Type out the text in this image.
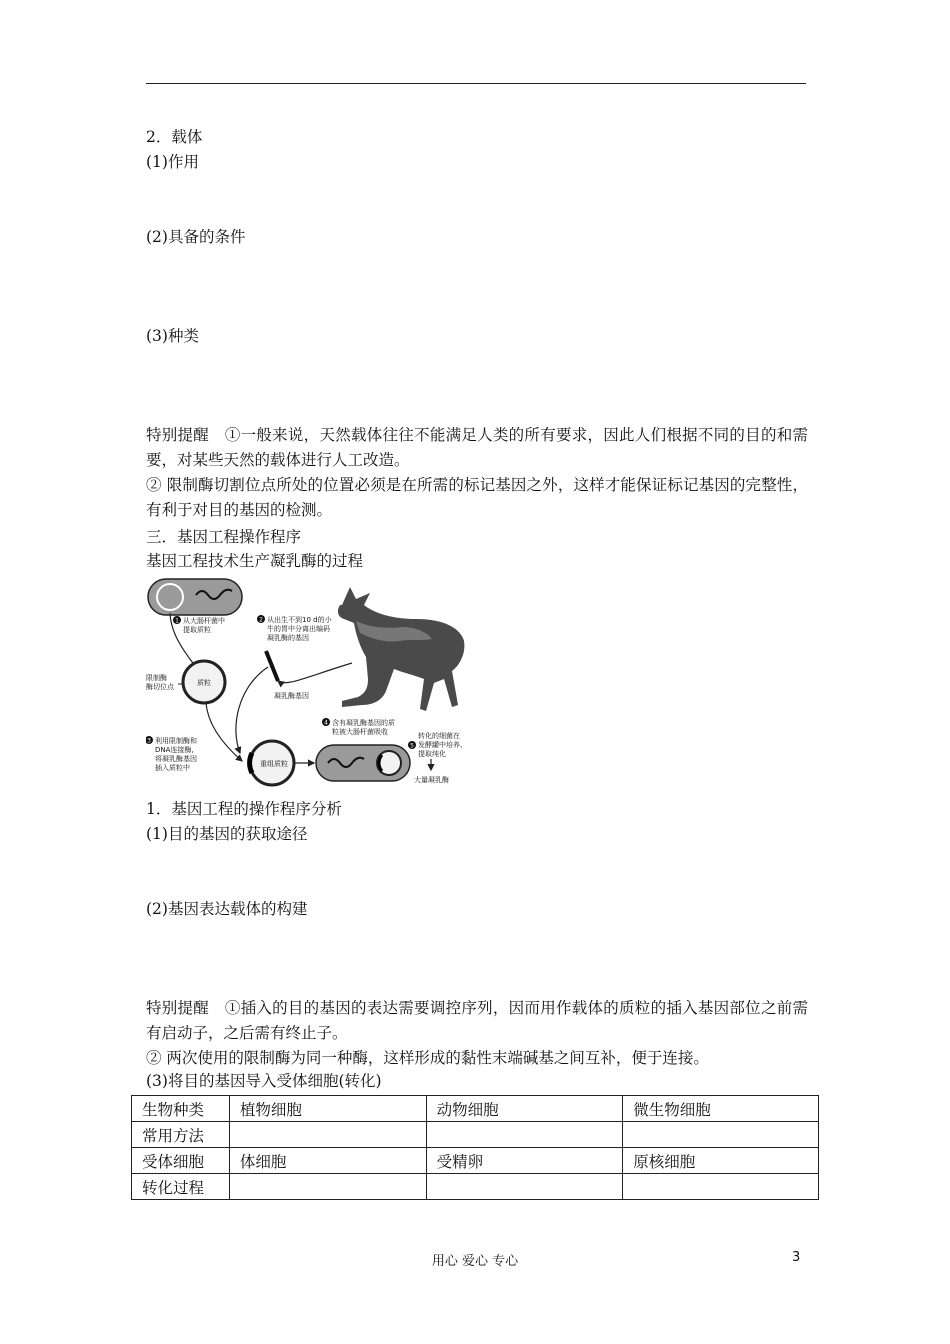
2．载体
(1)作用
(2)具备的条件
(3)种类

特别提醒　①一般来说，天然载体往往不能满足人类的所有要求，因此人们根据不同的目的和需要，对某些天然的载体进行人工改造。

② 限制酶切割位点所处的位置必须是在所需的标记基因之外，这样才能保证标记基因的完整性，有利于对目的基因的检测。

三．基因工程操作程序
基因工程技术生产凝乳酶的过程
1 从大肠杆菌中
提取质粒
质粒
限制酶
酶切位点
3 利用限制酶和
DNA连接酶,
将凝乳酶基因
插入质粒中
2 从出生不到10 d的小
牛的胃中分离出编码
凝乳酶的基因
凝乳酶基因
重组质粒
4 含有凝乳酶基因的质
粒被大肠杆菌吸收
5
转化的细菌在
发酵罐中培养、
提取纯化
大量凝乳酶
1．基因工程的操作程序分析
(1)目的基因的获取途径
(2)基因表达载体的构建

特别提醒　①插入的目的基因的表达需要调控序列，因而用作载体的质粒的插入基因部位之前需有启动子，之后需有终止子。

② 两次使用的限制酶为同一种酶，这样形成的黏性末端碱基之间互补，便于连接。

(3)将目的基因导入受体细胞(转化)
生物种类	植物细胞	动物细胞	微生物细胞
常用方法			
受体细胞	体细胞	受精卵	原核细胞
转化过程			
用心 爱心 专心	3
